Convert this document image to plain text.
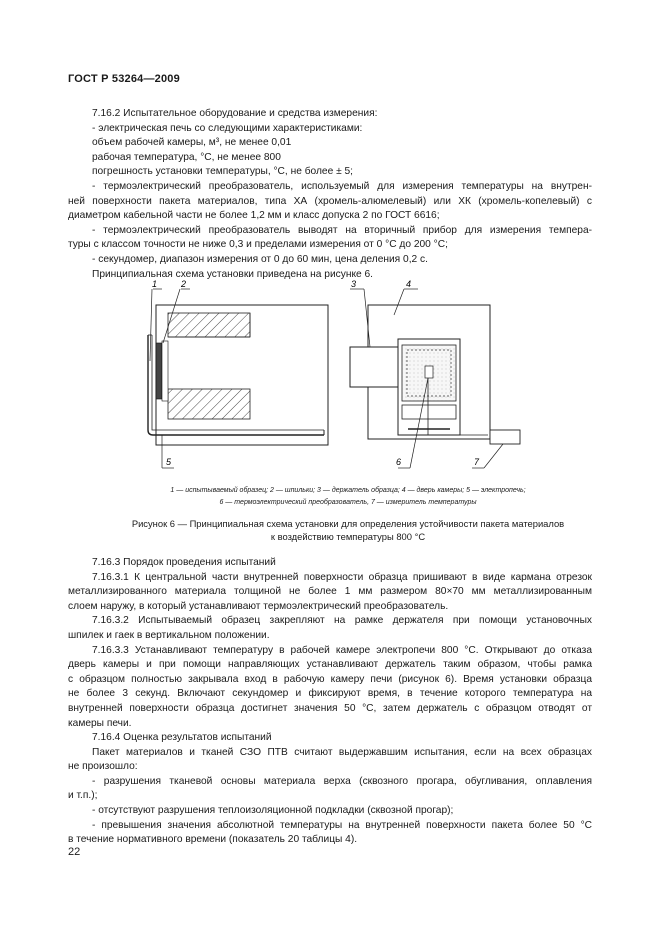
ГОСТ Р 53264—2009

7.16.2 Испытательное оборудование и средства измерения:

- электрическая печь со следующими характеристиками:

объем рабочей камеры, м³, не менее 0,01

рабочая температура, °С, не менее 800

погрешность установки температуры, °С, не более ± 5;

- термоэлектрический преобразователь, используемый для измерения температуры на внутрен-

ней поверхности пакета материалов, типа ХА (хромель-алюмелевый) или ХК (хромель-копелевый) с

диаметром кабельной части не более 1,2 мм и класс допуска 2 по ГОСТ 6616;

- термоэлектрический преобразователь выводят на вторичный прибор для измерения темпера-

туры с классом точности не ниже 0,3 и пределами измерения от 0 °С до 200 °С;

- секундомер, диапазон измерения от 0 до 60 мин, цена деления 0,2 с.

Принципиальная схема установки приведена на рисунке 6.

1	2
5
3	4
6	7
1 — испытываемый образец; 2 — шпильки; 3 — держатель образца; 4 — дверь камеры; 5 — электропечь;
6 — термоэлектрический преобразователь, 7 — измеритель температуры
Рисунок 6 — Принципиальная схема установки для определения устойчивости пакета материалов
к воздействию температуры 800 °С

7.16.3 Порядок проведения испытаний

7.16.3.1 К центральной части внутренней поверхности образца пришивают в виде кармана отрезок

металлизированного материала толщиной не более 1 мм размером 80×70 мм металлизированным

слоем наружу, в который устанавливают термоэлектрический преобразователь.

7.16.3.2 Испытываемый образец закрепляют на рамке держателя при помощи установочных

шпилек и гаек в вертикальном положении.

7.16.3.3 Устанавливают температуру в рабочей камере электропечи 800 °С. Открывают до отказа

дверь камеры и при помощи направляющих устанавливают держатель таким образом, чтобы рамка

с образцом полностью закрывала вход в рабочую камеру печи (рисунок 6). Время установки образца

не более 3 секунд. Включают секундомер и фиксируют время, в течение которого температура на

внутренней поверхности образца достигнет значения 50 °С, затем держатель с образцом отводят от

камеры печи.

7.16.4 Оценка результатов испытаний

Пакет материалов и тканей СЗО ПТВ считают выдержавшим испытания, если на всех образцах

не произошло:

- разрушения тканевой основы материала верха (сквозного прогара, обугливания, оплавления

и т.п.);

- отсутствуют разрушения теплоизоляционной подкладки (сквозной прогар);

- превышения значения абсолютной температуры на внутренней поверхности пакета более 50 °С

в течение нормативного времени (показатель 20 таблицы 4).

22
